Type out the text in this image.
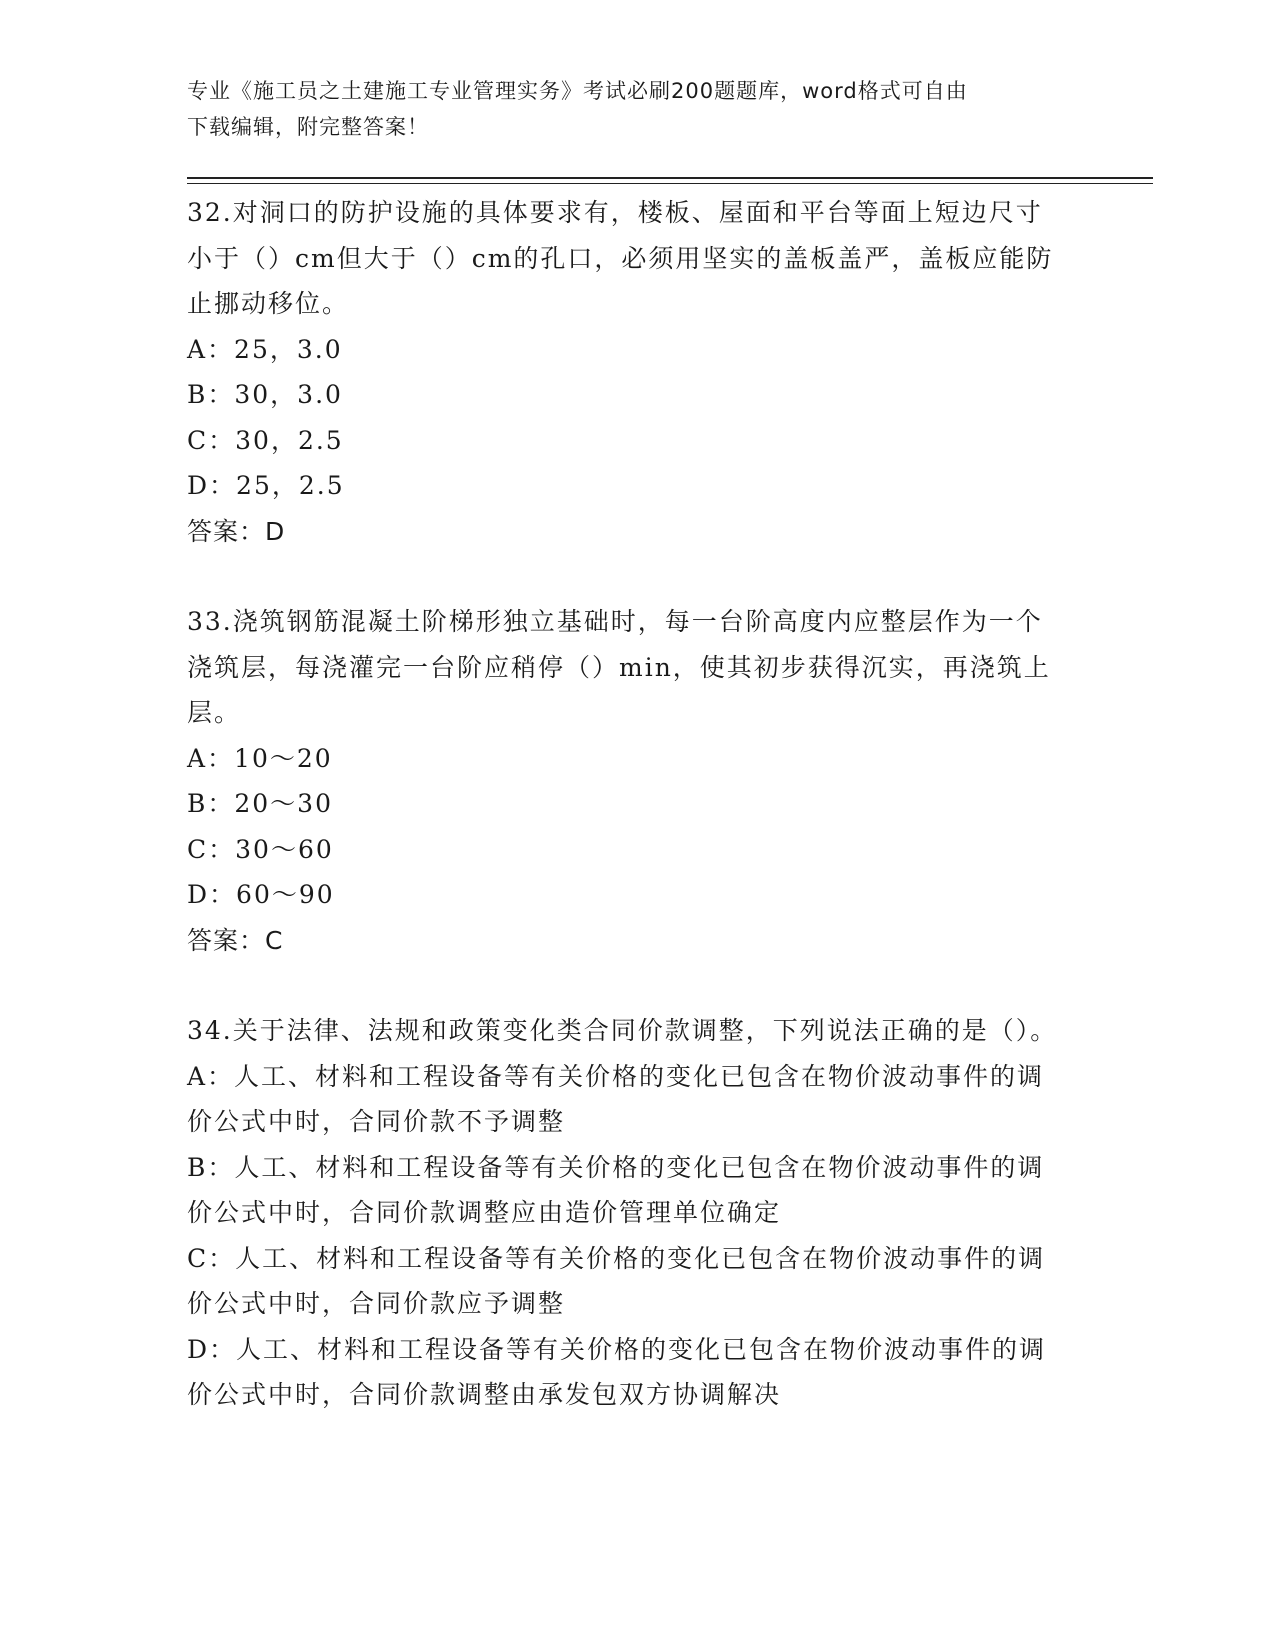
专业《施工员之土建施工专业管理实务》考试必刷200题题库，word格式可自由
下载编辑，附完整答案！
32.对洞口的防护设施的具体要求有，楼板、屋面和平台等面上短边尺寸小于（）cm但大于（）cm的孔口，必须用坚实的盖板盖严，盖板应能防止挪动移位。
A：25，3.0
B：30，3.0
C：30，2.5
D：25，2.5
答案：D
33.浇筑钢筋混凝土阶梯形独立基础时，每一台阶高度内应整层作为一个浇筑层，每浇灌完一台阶应稍停（）min，使其初步获得沉实，再浇筑上层。
A：10～20
B：20～30
C：30～60
D：60～90
答案：C
34.关于法律、法规和政策变化类合同价款调整，下列说法正确的是（）。
A：人工、材料和工程设备等有关价格的变化已包含在物价波动事件的调价公式中时，合同价款不予调整
B：人工、材料和工程设备等有关价格的变化已包含在物价波动事件的调价公式中时，合同价款调整应由造价管理单位确定
C：人工、材料和工程设备等有关价格的变化已包含在物价波动事件的调价公式中时，合同价款应予调整
D：人工、材料和工程设备等有关价格的变化已包含在物价波动事件的调价公式中时，合同价款调整由承发包双方协调解决
